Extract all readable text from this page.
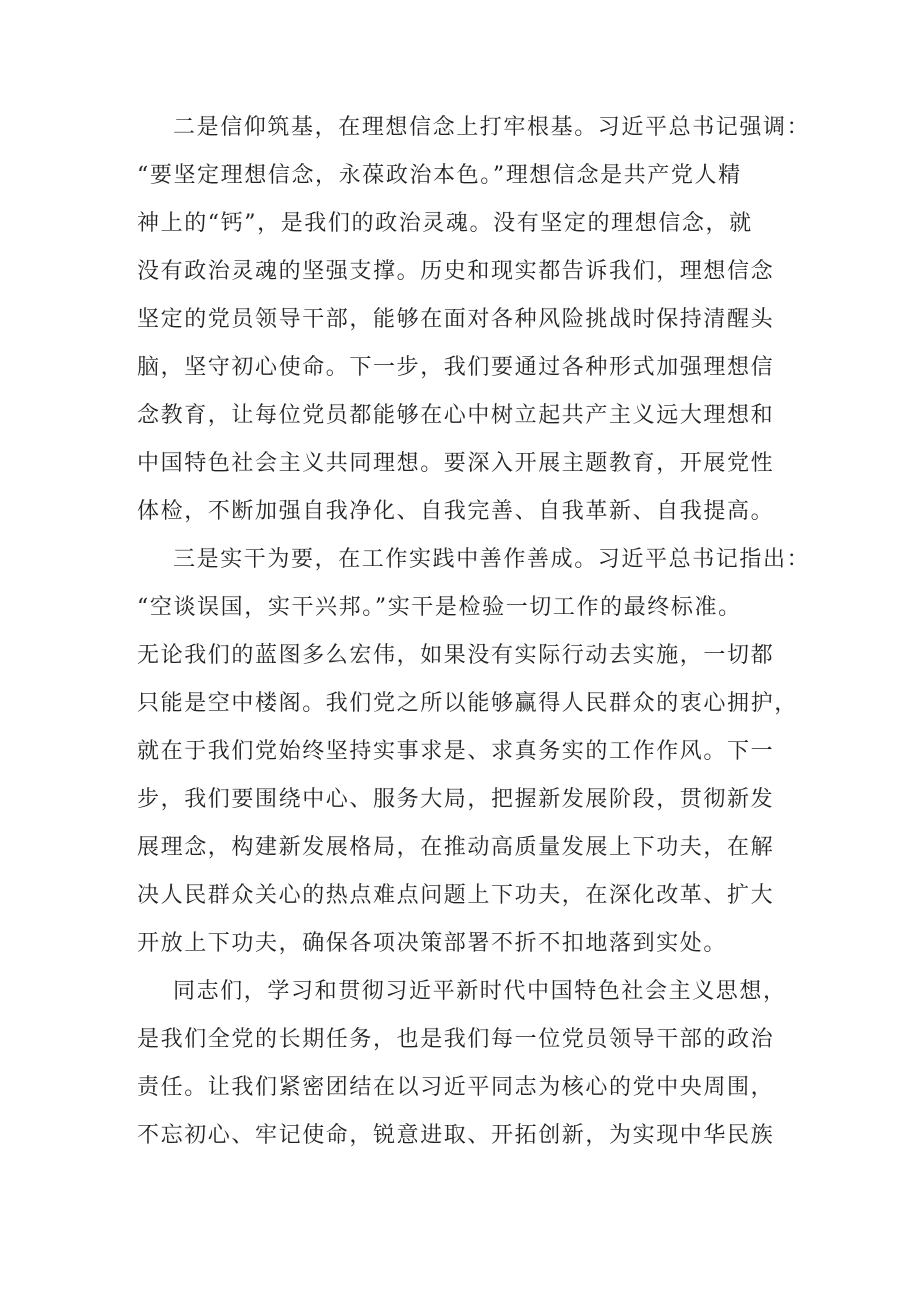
二是信仰筑基，在理想信念上打牢根基。习近平总书记强调：
“要坚定理想信念，永葆政治本色。”理想信念是共产党人精
神上的“钙”，是我们的政治灵魂。没有坚定的理想信念，就
没有政治灵魂的坚强支撑。历史和现实都告诉我们，理想信念
坚定的党员领导干部，能够在面对各种风险挑战时保持清醒头
脑，坚守初心使命。下一步，我们要通过各种形式加强理想信
念教育，让每位党员都能够在心中树立起共产主义远大理想和
中国特色社会主义共同理想。要深入开展主题教育，开展党性
体检，不断加强自我净化、自我完善、自我革新、自我提高。
三是实干为要，在工作实践中善作善成。习近平总书记指出：
“空谈误国，实干兴邦。”实干是检验一切工作的最终标准。
无论我们的蓝图多么宏伟，如果没有实际行动去实施，一切都
只能是空中楼阁。我们党之所以能够赢得人民群众的衷心拥护，
就在于我们党始终坚持实事求是、求真务实的工作作风。下一
步，我们要围绕中心、服务大局，把握新发展阶段，贯彻新发
展理念，构建新发展格局，在推动高质量发展上下功夫，在解
决人民群众关心的热点难点问题上下功夫，在深化改革、扩大
开放上下功夫，确保各项决策部署不折不扣地落到实处。
同志们，学习和贯彻习近平新时代中国特色社会主义思想，
是我们全党的长期任务，也是我们每一位党员领导干部的政治
责任。让我们紧密团结在以习近平同志为核心的党中央周围，
不忘初心、牢记使命，锐意进取、开拓创新，为实现中华民族
